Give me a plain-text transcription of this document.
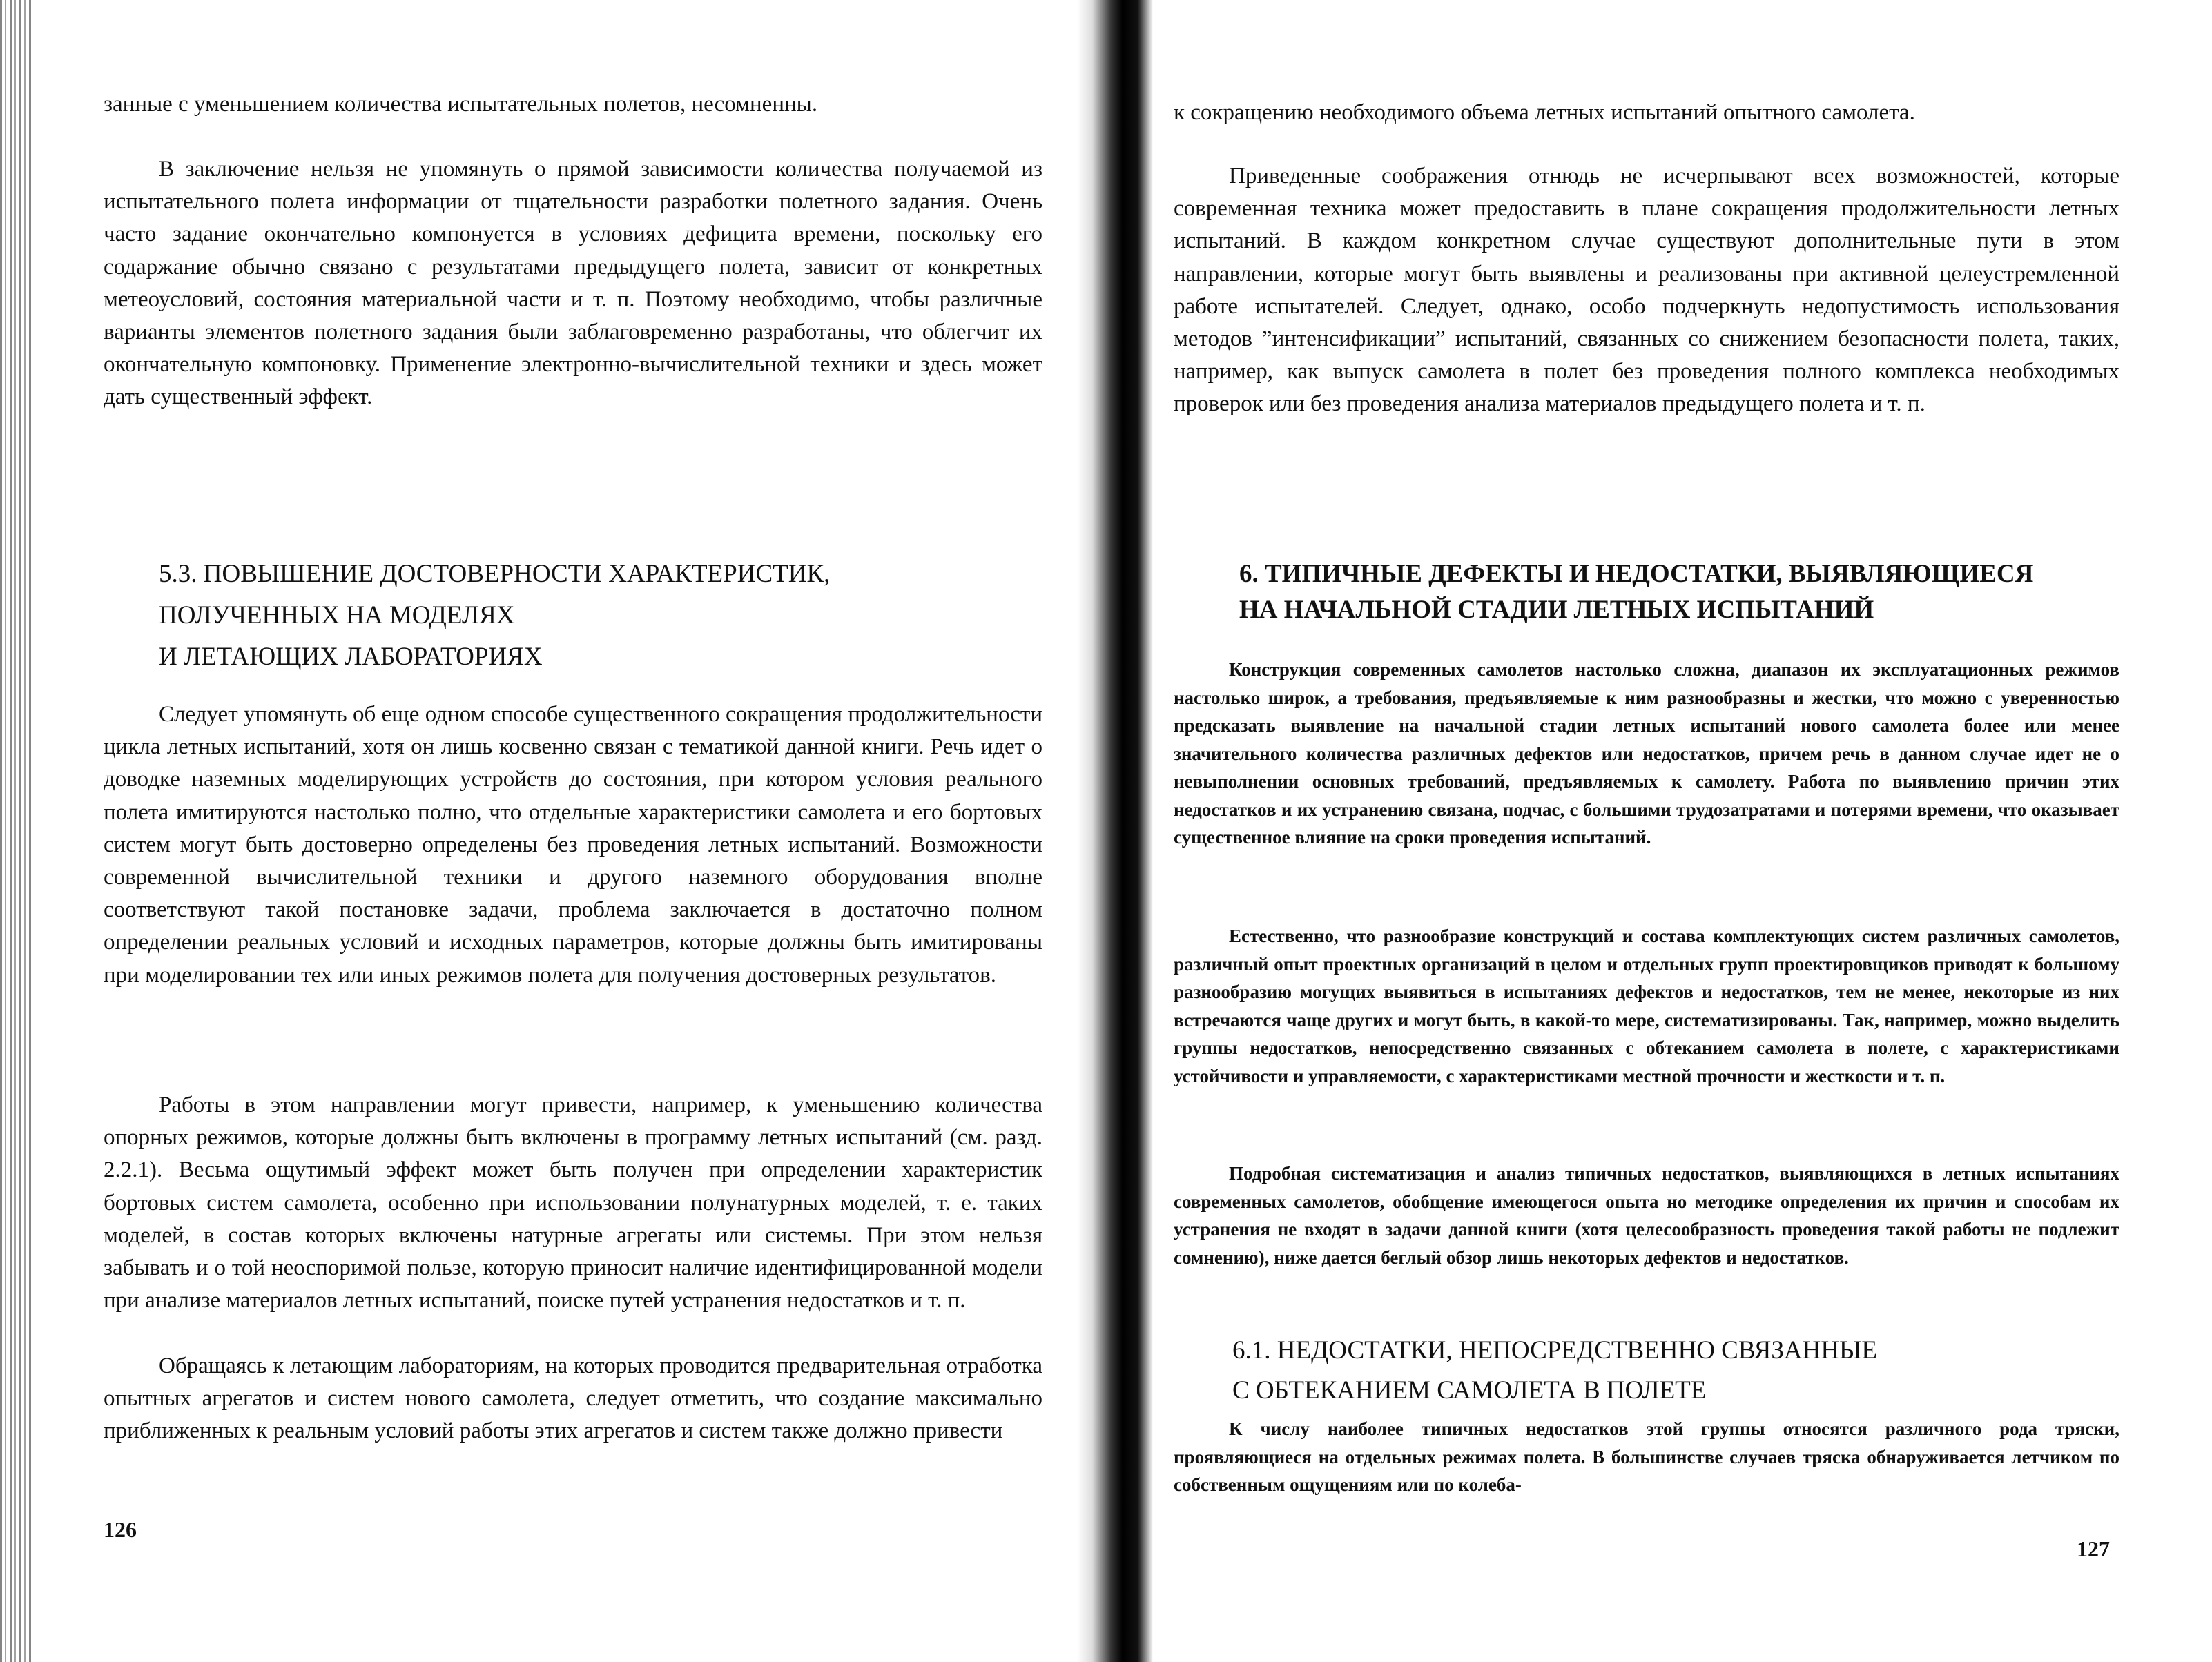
занные с уменьшением количества испытательных полетов, несомненны.

В заключение нельзя не упомянуть о прямой зависимости количества получаемой из испытательного полета информации от тщательности разработки полетного задания. Очень часто задание окончательно компонуется в условиях дефицита времени, поскольку его содаржание обычно связано с результатами предыдущего полета, зависит от конкретных метеоусловий, состояния материальной части и т. п. Поэтому необходимо, чтобы различные варианты элементов полетного задания были заблаговременно разработаны, что облегчит их окончательную компоновку. Применение электронно-вычислительной техники и здесь может дать существенный эффект.

5.3. ПОВЫШЕНИЕ ДОСТОВЕРНОСТИ ХАРАКТЕРИСТИК,
ПОЛУЧЕННЫХ НА МОДЕЛЯХ
И ЛЕТАЮЩИХ ЛАБОРАТОРИЯХ

Следует упомянуть об еще одном способе существенного сокращения продолжительности цикла летных испытаний, хотя он лишь косвенно связан с тематикой данной книги. Речь идет о доводке наземных моделирующих устройств до состояния, при котором условия реального полета имитируются настолько полно, что отдельные характеристики самолета и его бортовых систем могут быть достоверно определены без проведения летных испытаний. Возможности современной вычислительной техники и другого наземного оборудования вполне соответствуют такой постановке задачи, проблема заключается в достаточно полном определении реальных условий и исходных параметров, которые должны быть имитированы при моделировании тех или иных режимов полета для получения достоверных результатов.

Работы в этом направлении могут привести, например, к уменьшению количества опорных режимов, которые должны быть включены в программу летных испытаний (см. разд. 2.2.1). Весьма ощутимый эффект может быть получен при определении характеристик бортовых систем самолета, особенно при использовании полунатурных моделей, т. е. таких моделей, в состав которых включены натурные агрегаты или системы. При этом нельзя забывать и о той неоспоримой пользе, которую приносит наличие идентифицированной модели при анализе материалов летных испытаний, поиске путей устранения недостатков и т. п.

Обращаясь к летающим лабораториям, на которых проводится предварительная отработка опытных агрегатов и систем нового самолета, следует отметить, что создание максимально приближенных к реальным условий работы этих агрегатов и систем также должно привести

126

к сокращению необходимого объема летных испытаний опытного самолета.

Приведенные соображения отнюдь не исчерпывают всех возможностей, которые современная техника может предоставить в плане сокращения продолжительности летных испытаний. В каждом конкретном случае существуют дополнительные пути в этом направлении, которые могут быть выявлены и реализованы при активной целеустремленной работе испытателей. Следует, однако, особо подчеркнуть недопустимость использования методов ”интенсификации” испытаний, связанных со снижением безопасности полета, таких, например, как выпуск самолета в полет без проведения полного комплекса необходимых проверок или без проведения анализа материалов предыдущего полета и т. п.

6. ТИПИЧНЫЕ ДЕФЕКТЫ И НЕДОСТАТКИ, ВЫЯВЛЯЮЩИЕСЯ
НА НАЧАЛЬНОЙ СТАДИИ ЛЕТНЫХ ИСПЫТАНИЙ

Конструкция современных самолетов настолько сложна, диапазон их эксплуатационных режимов настолько широк, а требования, предъявляемые к ним разнообразны и жестки, что можно с уверенностью предсказать выявление на начальной стадии летных испытаний нового самолета более или менее значительного количества различных дефектов или недостатков, причем речь в данном случае идет не о невыполнении основных требований, предъявляемых к самолету. Работа по выявлению причин этих недостатков и их устранению связана, подчас, с большими трудозатратами и потерями времени, что оказывает существенное влияние на сроки проведения испытаний.

Естественно, что разнообразие конструкций и состава комплектующих систем различных самолетов, различный опыт проектных организаций в целом и отдельных групп проектировщиков приводят к большому разнообразию могущих выявиться в испытаниях дефектов и недостатков, тем не менее, некоторые из них встречаются чаще других и могут быть, в какой-то мере, систематизированы. Так, например, можно выделить группы недостатков, непосредственно связанных с обтеканием самолета в полете, с характеристиками устойчивости и управляемости, с характеристиками местной прочности и жесткости и т. п.

Подробная систематизация и анализ типичных недостатков, выявляющихся в летных испытаниях современных самолетов, обобщение имеющегося опыта но методике определения их причин и способам их устранения не входят в задачи данной книги (хотя целесообразность проведения такой работы не подлежит сомнению), ниже дается беглый обзор лишь некоторых дефектов и недостатков.

6.1. НЕДОСТАТКИ, НЕПОСРЕДСТВЕННО СВЯЗАННЫЕ
С ОБТЕКАНИЕМ САМОЛЕТА В ПОЛЕТЕ

К числу наиболее типичных недостатков этой группы относятся различного рода тряски, проявляющиеся на отдельных режимах полета. В большинстве случаев тряска обнаруживается летчиком по собственным ощущениям или по колеба-

127
